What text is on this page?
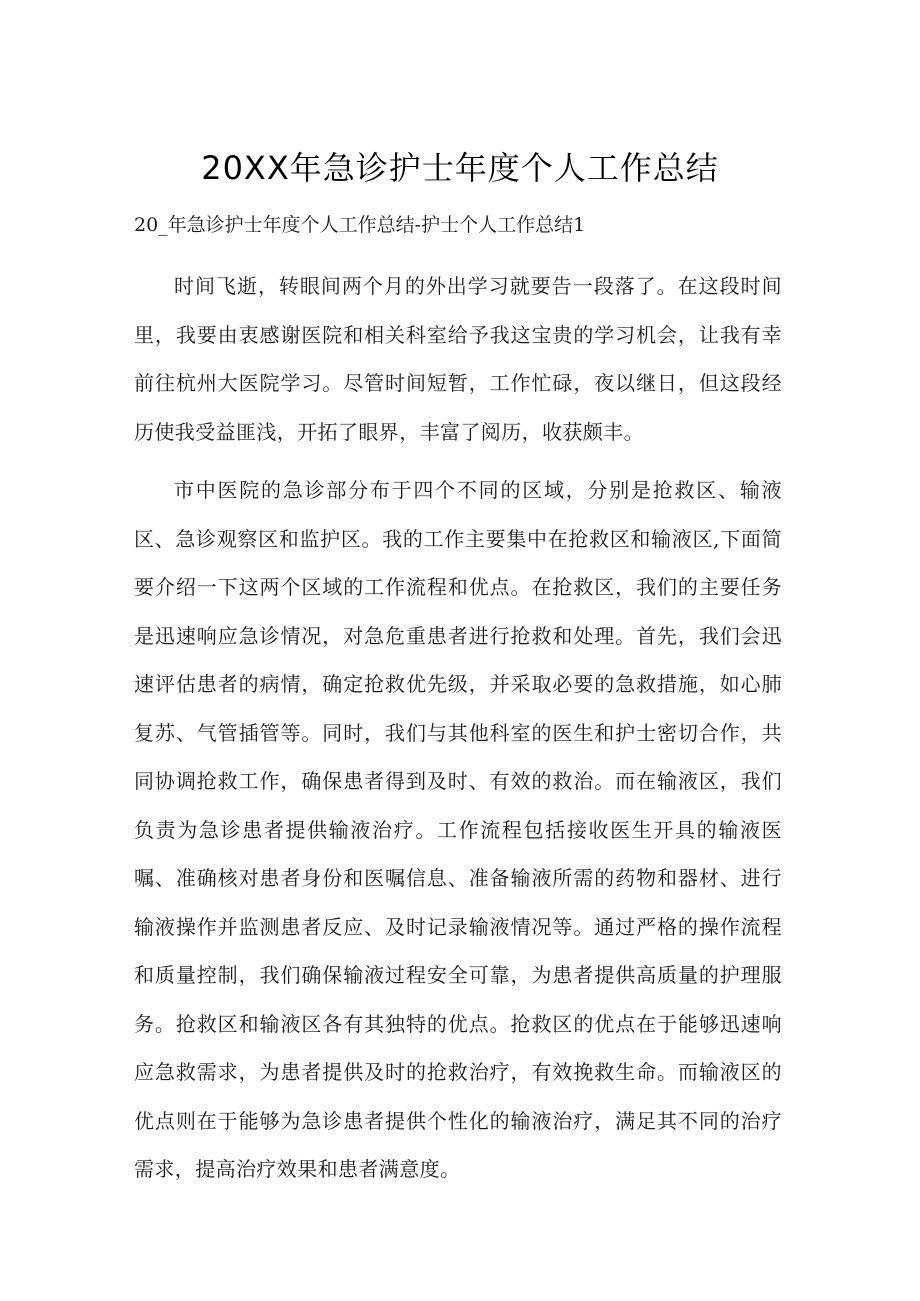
20XX年急诊护士年度个人工作总结

20_年急诊护士年度个人工作总结-护士个人工作总结1

时间飞逝，转眼间两个月的外出学习就要告一段落了。在这段时间里，我要由衷感谢医院和相关科室给予我这宝贵的学习机会，让我有幸前往杭州大医院学习。尽管时间短暂，工作忙碌，夜以继日，但这段经历使我受益匪浅，开拓了眼界，丰富了阅历，收获颇丰。

市中医院的急诊部分布于四个不同的区域，分别是抢救区、输液区、急诊观察区和监护区。我的工作主要集中在抢救区和输液区,下面简要介绍一下这两个区域的工作流程和优点。在抢救区，我们的主要任务是迅速响应急诊情况，对急危重患者进行抢救和处理。首先，我们会迅速评估患者的病情，确定抢救优先级，并采取必要的急救措施，如心肺复苏、气管插管等。同时，我们与其他科室的医生和护士密切合作，共同协调抢救工作，确保患者得到及时、有效的救治。而在输液区，我们负责为急诊患者提供输液治疗。工作流程包括接收医生开具的输液医嘱、准确核对患者身份和医嘱信息、准备输液所需的药物和器材、进行输液操作并监测患者反应、及时记录输液情况等。通过严格的操作流程和质量控制，我们确保输液过程安全可靠，为患者提供高质量的护理服务。抢救区和输液区各有其独特的优点。抢救区的优点在于能够迅速响应急救需求，为患者提供及时的抢救治疗，有效挽救生命。而输液区的优点则在于能够为急诊患者提供个性化的输液治疗，满足其不同的治疗需求，提高治疗效果和患者满意度。
